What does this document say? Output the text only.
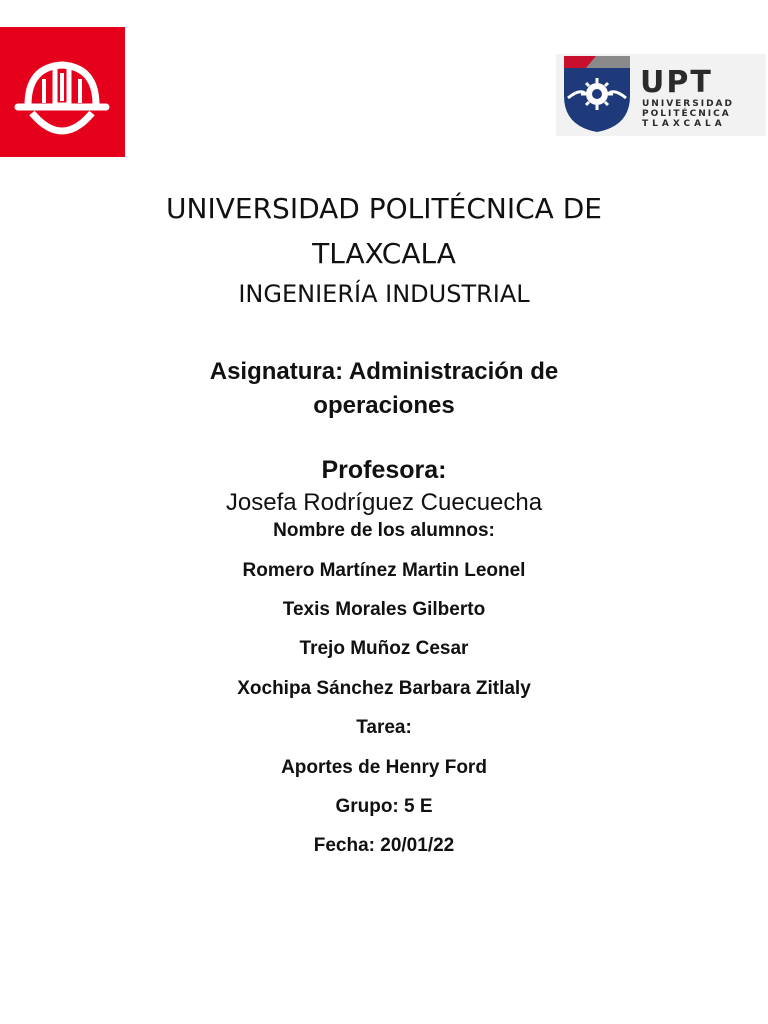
UPT
UNIVERSIDAD
POLITÉCNICA
TLAXCALA
UNIVERSIDAD POLITÉCNICA DE
TLAXCALA
INGENIERÍA INDUSTRIAL
Asignatura: Administración de
operaciones
Profesora:
Josefa Rodríguez Cuecuecha
Nombre de los alumnos:
Romero Martínez Martin Leonel
Texis Morales Gilberto
Trejo Muñoz Cesar
Xochipa Sánchez Barbara Zitlaly
Tarea:
Aportes de Henry Ford
Grupo: 5 E
Fecha: 20/01/22
